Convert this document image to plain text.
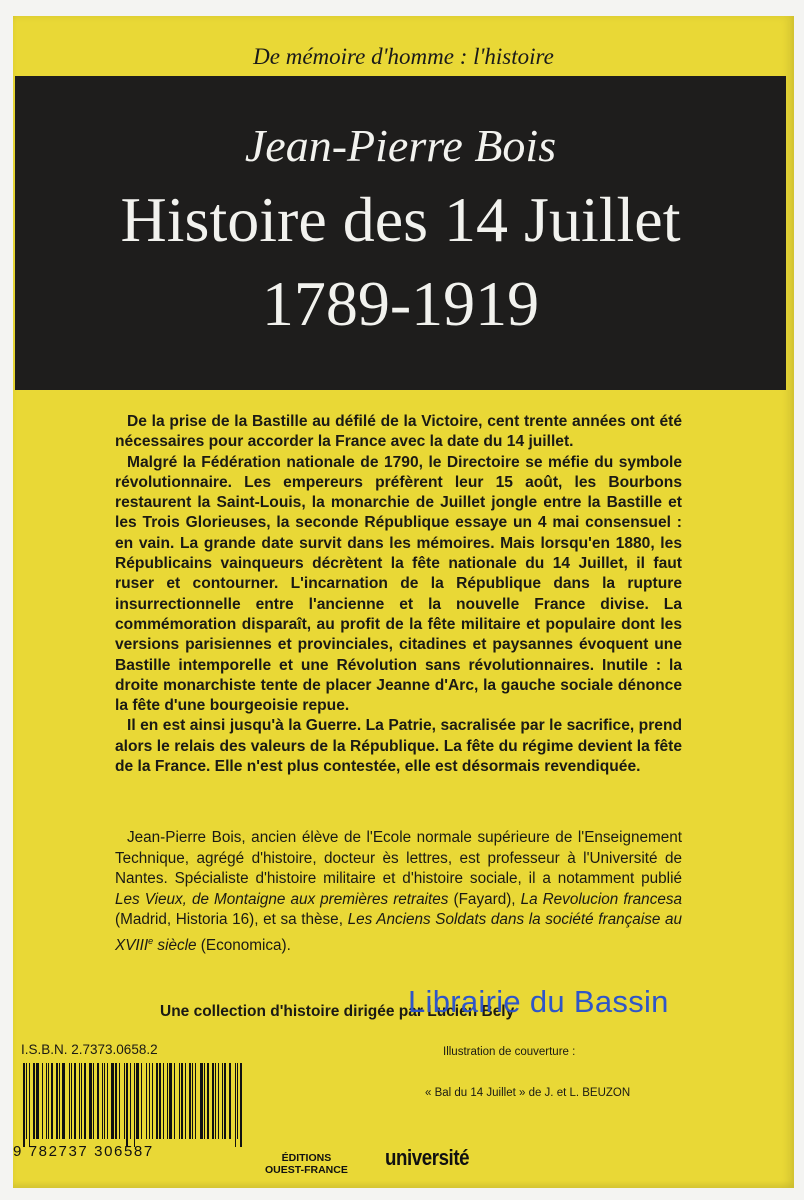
De mémoire d'homme : l'histoire
Jean-Pierre Bois
Histoire des 14 Juillet
1789-1919

De la prise de la Bastille au défilé de la Victoire, cent trente années ont été nécessaires pour accorder la France avec la date du 14 juillet.

Malgré la Fédération nationale de 1790, le Directoire se méfie du symbole révolutionnaire. Les empereurs préfèrent leur 15 août, les Bourbons restaurent la Saint-Louis, la monarchie de Juillet jongle entre la Bastille et les Trois Glorieuses, la seconde République essaye un 4 mai consensuel : en vain. La grande date survit dans les mémoires. Mais lorsqu'en 1880, les Républicains vainqueurs décrètent la fête nationale du 14 Juillet, il faut ruser et contourner. L'incarnation de la République dans la rupture insurrectionnelle entre l'ancienne et la nouvelle France divise. La commémoration disparaît, au profit de la fête militaire et populaire dont les versions parisiennes et provinciales, citadines et paysannes évoquent une Bastille intemporelle et une Révolution sans révolutionnaires. Inutile : la droite monarchiste tente de placer Jeanne d'Arc, la gauche sociale dénonce la fête d'une bourgeoisie repue.

Il en est ainsi jusqu'à la Guerre. La Patrie, sacralisée par le sacrifice, prend alors le relais des valeurs de la République. La fête du régime devient la fête de la France. Elle n'est plus contestée, elle est désormais revendiquée.

Jean-Pierre Bois, ancien élève de l'Ecole normale supérieure de l'Enseignement Technique, agrégé d'histoire, docteur ès lettres, est professeur à l'Université de Nantes. Spécialiste d'histoire militaire et d'histoire sociale, il a notamment publié Les Vieux, de Montaigne aux premières retraites (Fayard), La Revolucion francesa (Madrid, Historia 16), et sa thèse, Les Anciens Soldats dans la société française au XVIIIe siècle (Economica).
Une collection d'histoire dirigée par Lucien Bely
Librairie du Bassin
I.S.B.N. 2.7373.0658.2
9 782737 306587
Illustration de couverture :
« Bal du 14 Juillet » de J. et L. BEUZON
ÉDITIONS
OUEST-FRANCE université
